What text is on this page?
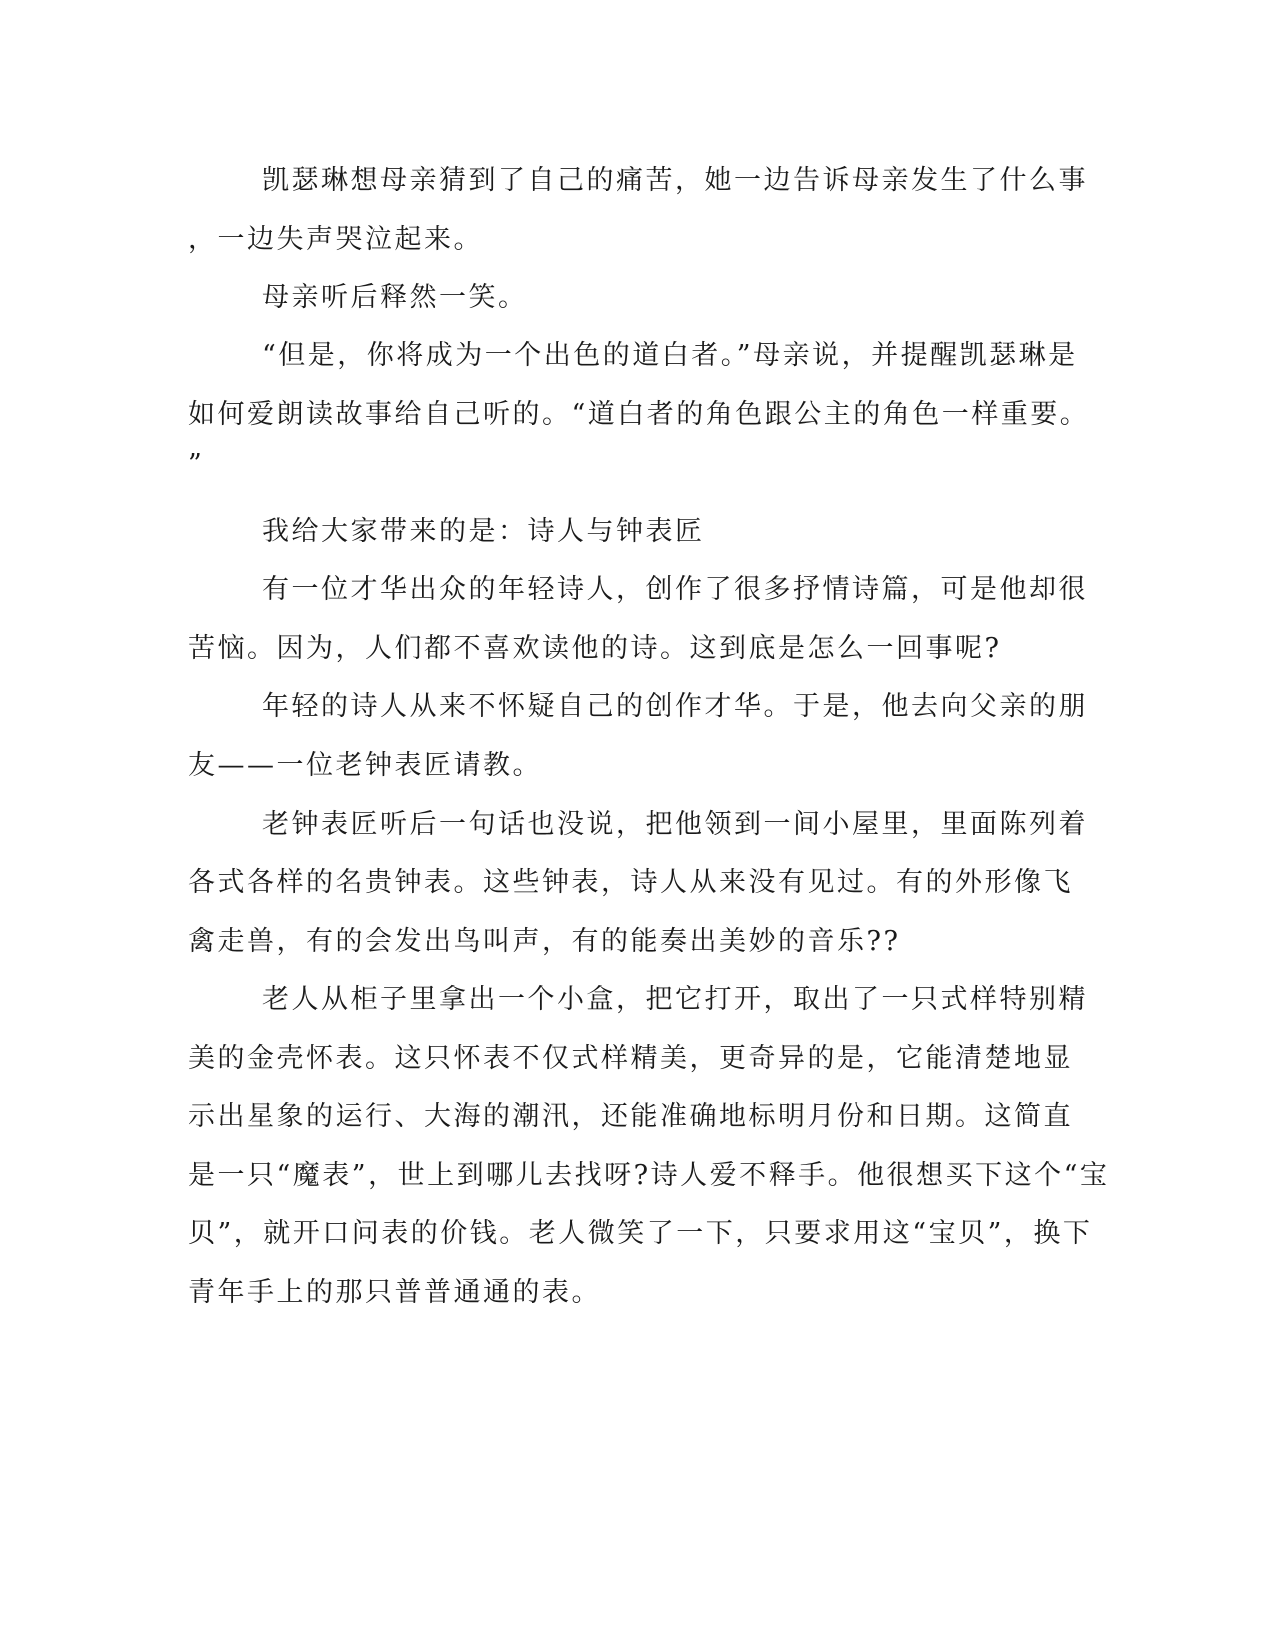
凯瑟琳想母亲猜到了自己的痛苦，她一边告诉母亲发生了什么事
，一边失声哭泣起来。
母亲听后释然一笑。
“但是，你将成为一个出色的道白者。”母亲说，并提醒凯瑟琳是
如何爱朗读故事给自己听的。“道白者的角色跟公主的角色一样重要。
”
我给大家带来的是：诗人与钟表匠
有一位才华出众的年轻诗人，创作了很多抒情诗篇，可是他却很
苦恼。因为，人们都不喜欢读他的诗。这到底是怎么一回事呢?
年轻的诗人从来不怀疑自己的创作才华。于是，他去向父亲的朋
友——一位老钟表匠请教。
老钟表匠听后一句话也没说，把他领到一间小屋里，里面陈列着
各式各样的名贵钟表。这些钟表，诗人从来没有见过。有的外形像飞
禽走兽，有的会发出鸟叫声，有的能奏出美妙的音乐??
老人从柜子里拿出一个小盒，把它打开，取出了一只式样特别精
美的金壳怀表。这只怀表不仅式样精美，更奇异的是，它能清楚地显
示出星象的运行、大海的潮汛，还能准确地标明月份和日期。这简直
是一只“魔表”，世上到哪儿去找呀?诗人爱不释手。他很想买下这个“宝
贝”，就开口问表的价钱。老人微笑了一下，只要求用这“宝贝”，换下
青年手上的那只普普通通的表。
